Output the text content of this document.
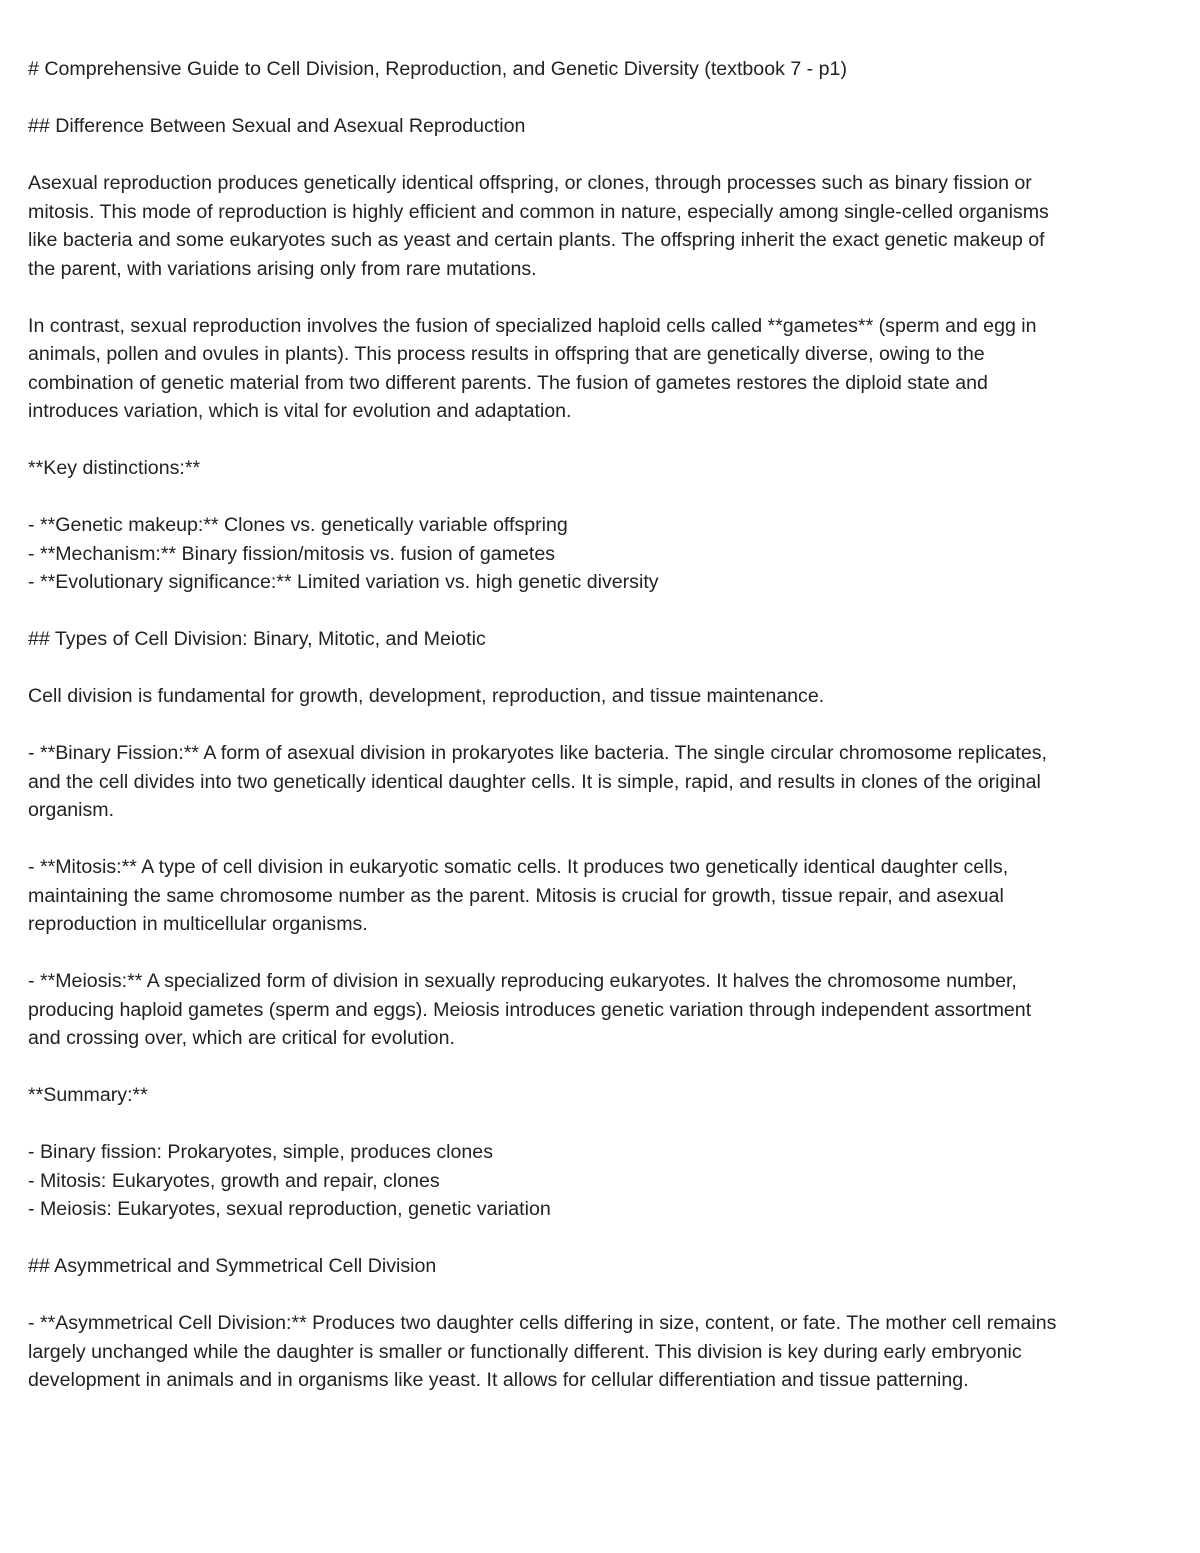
# Comprehensive Guide to Cell Division, Reproduction, and Genetic Diversity (textbook 7 - p1)

## Difference Between Sexual and Asexual Reproduction

Asexual reproduction produces genetically identical offspring, or clones, through processes such as binary fission or

mitosis. This mode of reproduction is highly efficient and common in nature, especially among single-celled organisms

like bacteria and some eukaryotes such as yeast and certain plants. The offspring inherit the exact genetic makeup of

the parent, with variations arising only from rare mutations.

In contrast, sexual reproduction involves the fusion of specialized haploid cells called **gametes** (sperm and egg in

animals, pollen and ovules in plants). This process results in offspring that are genetically diverse, owing to the

combination of genetic material from two different parents. The fusion of gametes restores the diploid state and

introduces variation, which is vital for evolution and adaptation.

**Key distinctions:**

- **Genetic makeup:** Clones vs. genetically variable offspring

- **Mechanism:** Binary fission/mitosis vs. fusion of gametes

- **Evolutionary significance:** Limited variation vs. high genetic diversity

## Types of Cell Division: Binary, Mitotic, and Meiotic

Cell division is fundamental for growth, development, reproduction, and tissue maintenance.

- **Binary Fission:** A form of asexual division in prokaryotes like bacteria. The single circular chromosome replicates,

and the cell divides into two genetically identical daughter cells. It is simple, rapid, and results in clones of the original

organism.

- **Mitosis:** A type of cell division in eukaryotic somatic cells. It produces two genetically identical daughter cells,

maintaining the same chromosome number as the parent. Mitosis is crucial for growth, tissue repair, and asexual

reproduction in multicellular organisms.

- **Meiosis:** A specialized form of division in sexually reproducing eukaryotes. It halves the chromosome number,

producing haploid gametes (sperm and eggs). Meiosis introduces genetic variation through independent assortment

and crossing over, which are critical for evolution.

**Summary:**

- Binary fission: Prokaryotes, simple, produces clones

- Mitosis: Eukaryotes, growth and repair, clones

- Meiosis: Eukaryotes, sexual reproduction, genetic variation

## Asymmetrical and Symmetrical Cell Division

- **Asymmetrical Cell Division:** Produces two daughter cells differing in size, content, or fate. The mother cell remains

largely unchanged while the daughter is smaller or functionally different. This division is key during early embryonic

development in animals and in organisms like yeast. It allows for cellular differentiation and tissue patterning.
